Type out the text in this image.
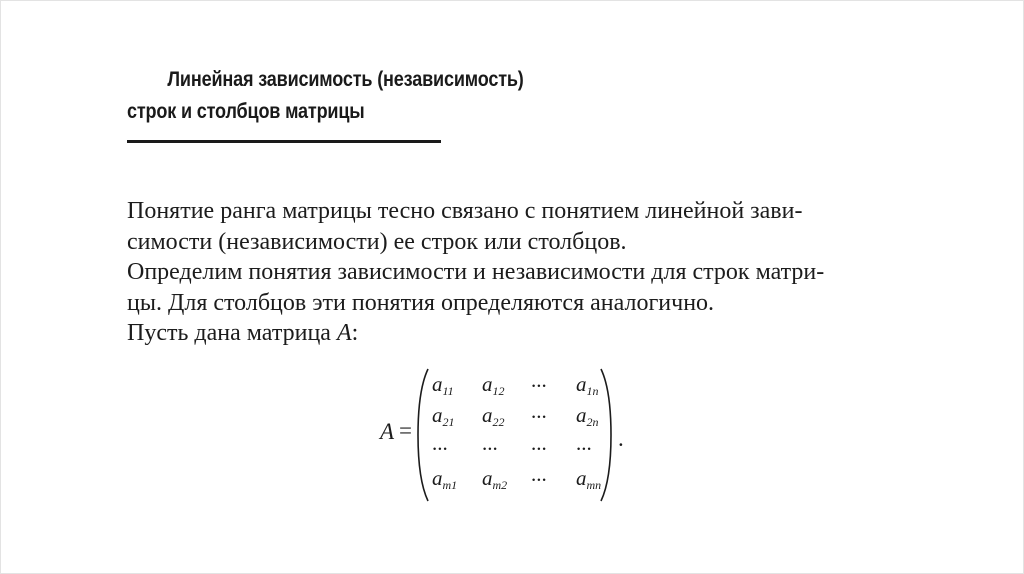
Линейная зависимость (независимость)
строк и столбцов матрицы

Понятие ранга матрицы тесно связано с понятием линейной зави-
симости (независимости) ее строк или столбцов.

Определим понятия зависимости и независимости для строк матри-
цы. Для столбцов эти понятия определяются аналогично.

Пусть дана матрица A:

A =
$a_{11}$ $a_{12}$ ... $a_{1n}$
$a_{21}$ $a_{22}$ ... $a_{2n}$
... ... ... ...
$a_{m1}$ $a_{m2}$ ... $a_{mn}$
.
